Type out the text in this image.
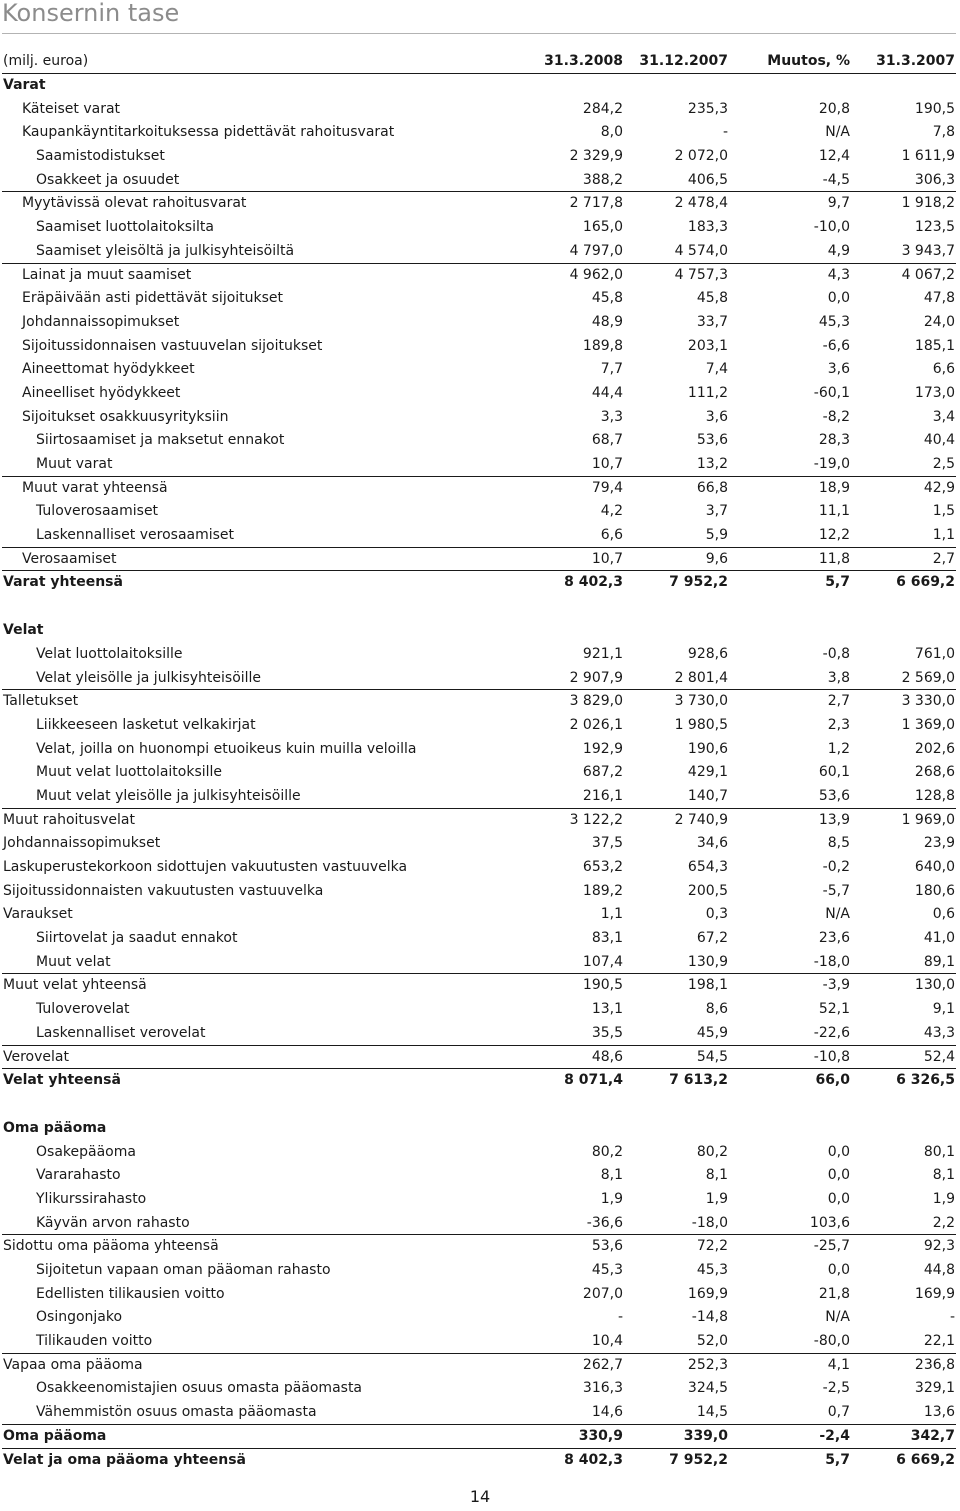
Konsernin tase
(milj. euroa)	31.3.2008	31.12.2007	Muutos, %	31.3.2007
Varat
Käteiset varat	284,2	235,3	20,8	190,5
Kaupankäyntitarkoituksessa pidettävät rahoitusvarat	8,0	-	N/A	7,8
Saamistodistukset	2 329,9	2 072,0	12,4	1 611,9
Osakkeet ja osuudet	388,2	406,5	-4,5	306,3
Myytävissä olevat rahoitusvarat	2 717,8	2 478,4	9,7	1 918,2
Saamiset luottolaitoksilta	165,0	183,3	-10,0	123,5
Saamiset yleisöltä ja julkisyhteisöiltä	4 797,0	4 574,0	4,9	3 943,7
Lainat ja muut saamiset	4 962,0	4 757,3	4,3	4 067,2
Eräpäivään asti pidettävät sijoitukset	45,8	45,8	0,0	47,8
Johdannaissopimukset	48,9	33,7	45,3	24,0
Sijoitussidonnaisen vastuuvelan sijoitukset	189,8	203,1	-6,6	185,1
Aineettomat hyödykkeet	7,7	7,4	3,6	6,6
Aineelliset hyödykkeet	44,4	111,2	-60,1	173,0
Sijoitukset osakkuusyrityksiin	3,3	3,6	-8,2	3,4
Siirtosaamiset ja maksetut ennakot	68,7	53,6	28,3	40,4
Muut varat	10,7	13,2	-19,0	2,5
Muut varat yhteensä	79,4	66,8	18,9	42,9
Tuloverosaamiset	4,2	3,7	11,1	1,5
Laskennalliset verosaamiset	6,6	5,9	12,2	1,1
Verosaamiset	10,7	9,6	11,8	2,7
Varat yhteensä	8 402,3	7 952,2	5,7	6 669,2
Velat
Velat luottolaitoksille	921,1	928,6	-0,8	761,0
Velat yleisölle ja julkisyhteisöille	2 907,9	2 801,4	3,8	2 569,0
Talletukset	3 829,0	3 730,0	2,7	3 330,0
Liikkeeseen lasketut velkakirjat	2 026,1	1 980,5	2,3	1 369,0
Velat, joilla on huonompi etuoikeus kuin muilla veloilla	192,9	190,6	1,2	202,6
Muut velat luottolaitoksille	687,2	429,1	60,1	268,6
Muut velat yleisölle ja julkisyhteisöille	216,1	140,7	53,6	128,8
Muut rahoitusvelat	3 122,2	2 740,9	13,9	1 969,0
Johdannaissopimukset	37,5	34,6	8,5	23,9
Laskuperustekorkoon sidottujen vakuutusten vastuuvelka	653,2	654,3	-0,2	640,0
Sijoitussidonnaisten vakuutusten vastuuvelka	189,2	200,5	-5,7	180,6
Varaukset	1,1	0,3	N/A	0,6
Siirtovelat ja saadut ennakot	83,1	67,2	23,6	41,0
Muut velat	107,4	130,9	-18,0	89,1
Muut velat yhteensä	190,5	198,1	-3,9	130,0
Tuloverovelat	13,1	8,6	52,1	9,1
Laskennalliset verovelat	35,5	45,9	-22,6	43,3
Verovelat	48,6	54,5	-10,8	52,4
Velat yhteensä	8 071,4	7 613,2	66,0	6 326,5
Oma pääoma
Osakepääoma	80,2	80,2	0,0	80,1
Vararahasto	8,1	8,1	0,0	8,1
Ylikurssirahasto	1,9	1,9	0,0	1,9
Käyvän arvon rahasto	-36,6	-18,0	103,6	2,2
Sidottu oma pääoma yhteensä	53,6	72,2	-25,7	92,3
Sijoitetun vapaan oman pääoman rahasto	45,3	45,3	0,0	44,8
Edellisten tilikausien voitto	207,0	169,9	21,8	169,9
Osingonjako	-	-14,8	N/A	-
Tilikauden voitto	10,4	52,0	-80,0	22,1
Vapaa oma pääoma	262,7	252,3	4,1	236,8
Osakkeenomistajien osuus omasta pääomasta	316,3	324,5	-2,5	329,1
Vähemmistön osuus omasta pääomasta	14,6	14,5	0,7	13,6
Oma pääoma	330,9	339,0	-2,4	342,7
Velat ja oma pääoma yhteensä	8 402,3	7 952,2	5,7	6 669,2
14
